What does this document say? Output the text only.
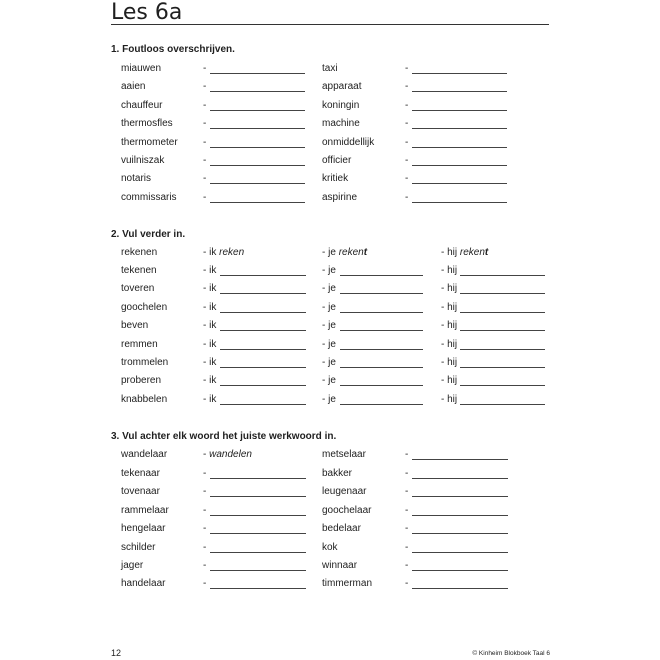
Les 6a
1. Foutloos overschrijven.
miauwen	-	taxi	-
aaien	-	apparaat	-
chauffeur	-	koningin	-
thermosfles	-	machine	-
thermometer	-	onmiddellijk	-
vuilniszak	-	officier	-
notaris	-	kritiek	-
commissaris	-	aspirine	-
2. Vul verder in.
rekenen	- ik reken	- je rekent	- hij rekent
tekenen	- ik	- je	- hij
toveren	- ik	- je	- hij
goochelen	- ik	- je	- hij
beven	- ik	- je	- hij
remmen	- ik	- je	- hij
trommelen	- ik	- je	- hij
proberen	- ik	- je	- hij
knabbelen	- ik	- je	- hij
3. Vul achter elk woord het juiste werkwoord in.
wandelaar	- wandelen	metselaar	-
tekenaar	-	bakker	-
tovenaar	-	leugenaar	-
rammelaar	-	goochelaar	-
hengelaar	-	bedelaar	-
schilder	-	kok	-
jager	-	winnaar	-
handelaar	-	timmerman	-
12	© Kinheim Blokboek Taal 6
